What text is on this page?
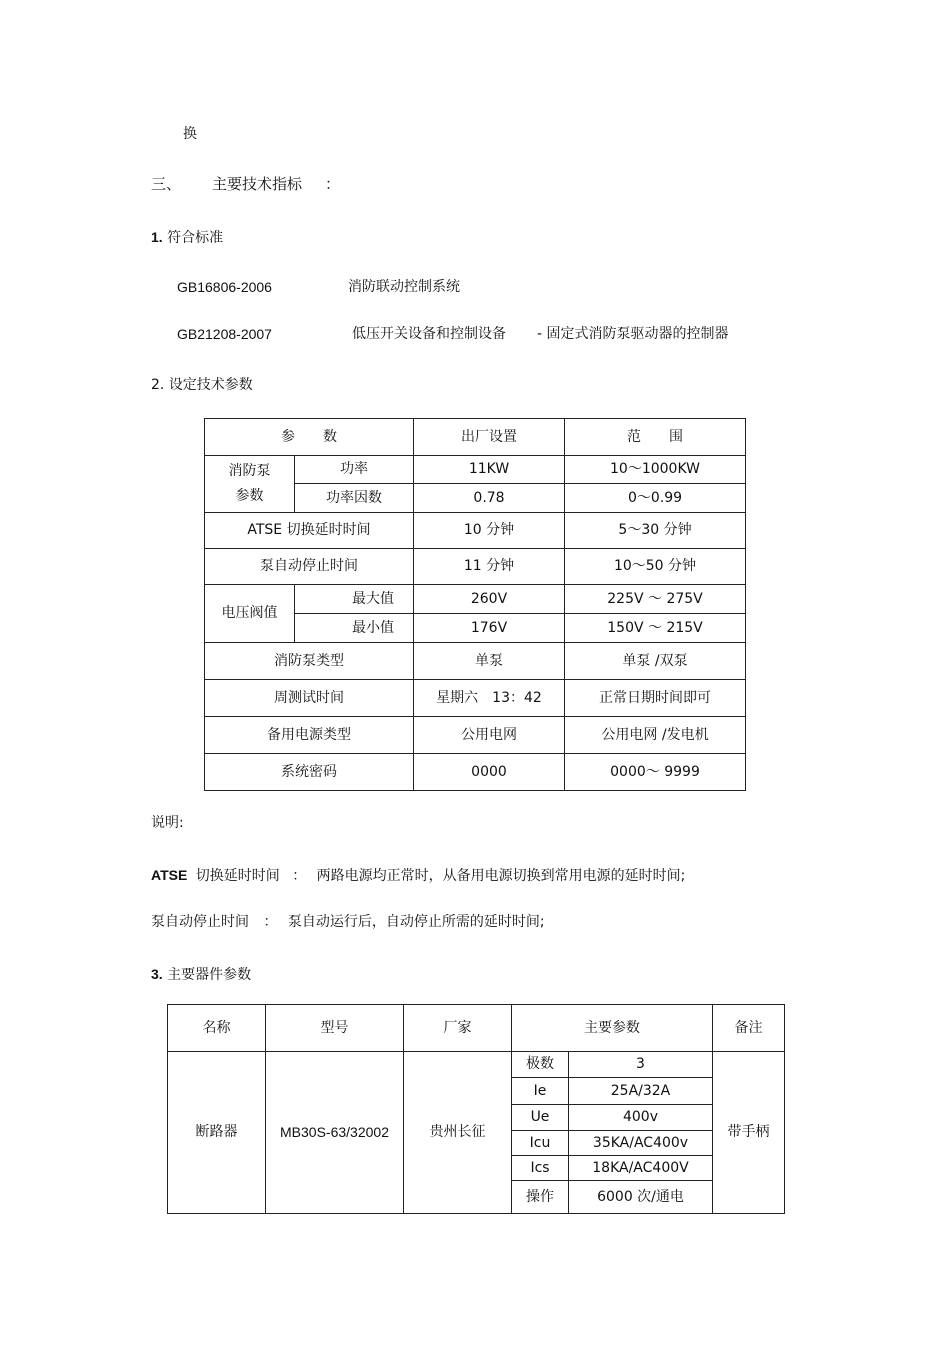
换
三、 主要技术指标 ：
1. 符合标准
GB16806-2006	消防联动控制系统
GB21208-2007	低压开关设备和控制设备 - 固定式消防泵驱动器的控制器
2. 设定技术参数
参　　数		出厂设置	范　　围

消防泵
参数	功率	11KW	10～1000KW
	功率因数	0.78	0～0.99
ATSE 切换延时时间		10 分钟	5～30 分钟
泵自动停止时间		11 分钟	10～50 分钟
电压阀值	最大值	260V	225V ～ 275V
	最小值	176V	150V ～ 215V
消防泵类型		单泵	单泵 /双泵
周测试时间		星期六　13：42	正常日期时间即可
备用电源类型		公用电网	公用电网 /发电机
系统密码		0000	0000～ 9999
说明:
ATSE 切换延时时间 ： 两路电源均正常时，从备用电源切换到常用电源的延时时间;
泵自动停止时间 ： 泵自动运行后，自动停止所需的延时时间;
3. 主要器件参数
名称	型号	厂家	主要参数		备注
断路器	MB30S-63/32002	贵州长征	极数	3	带手柄
			Ie	25A/32A	
			Ue	400v	
			Icu	35KA/AC400v	
			Ics	18KA/AC400V	
			操作	6000 次/通电	
